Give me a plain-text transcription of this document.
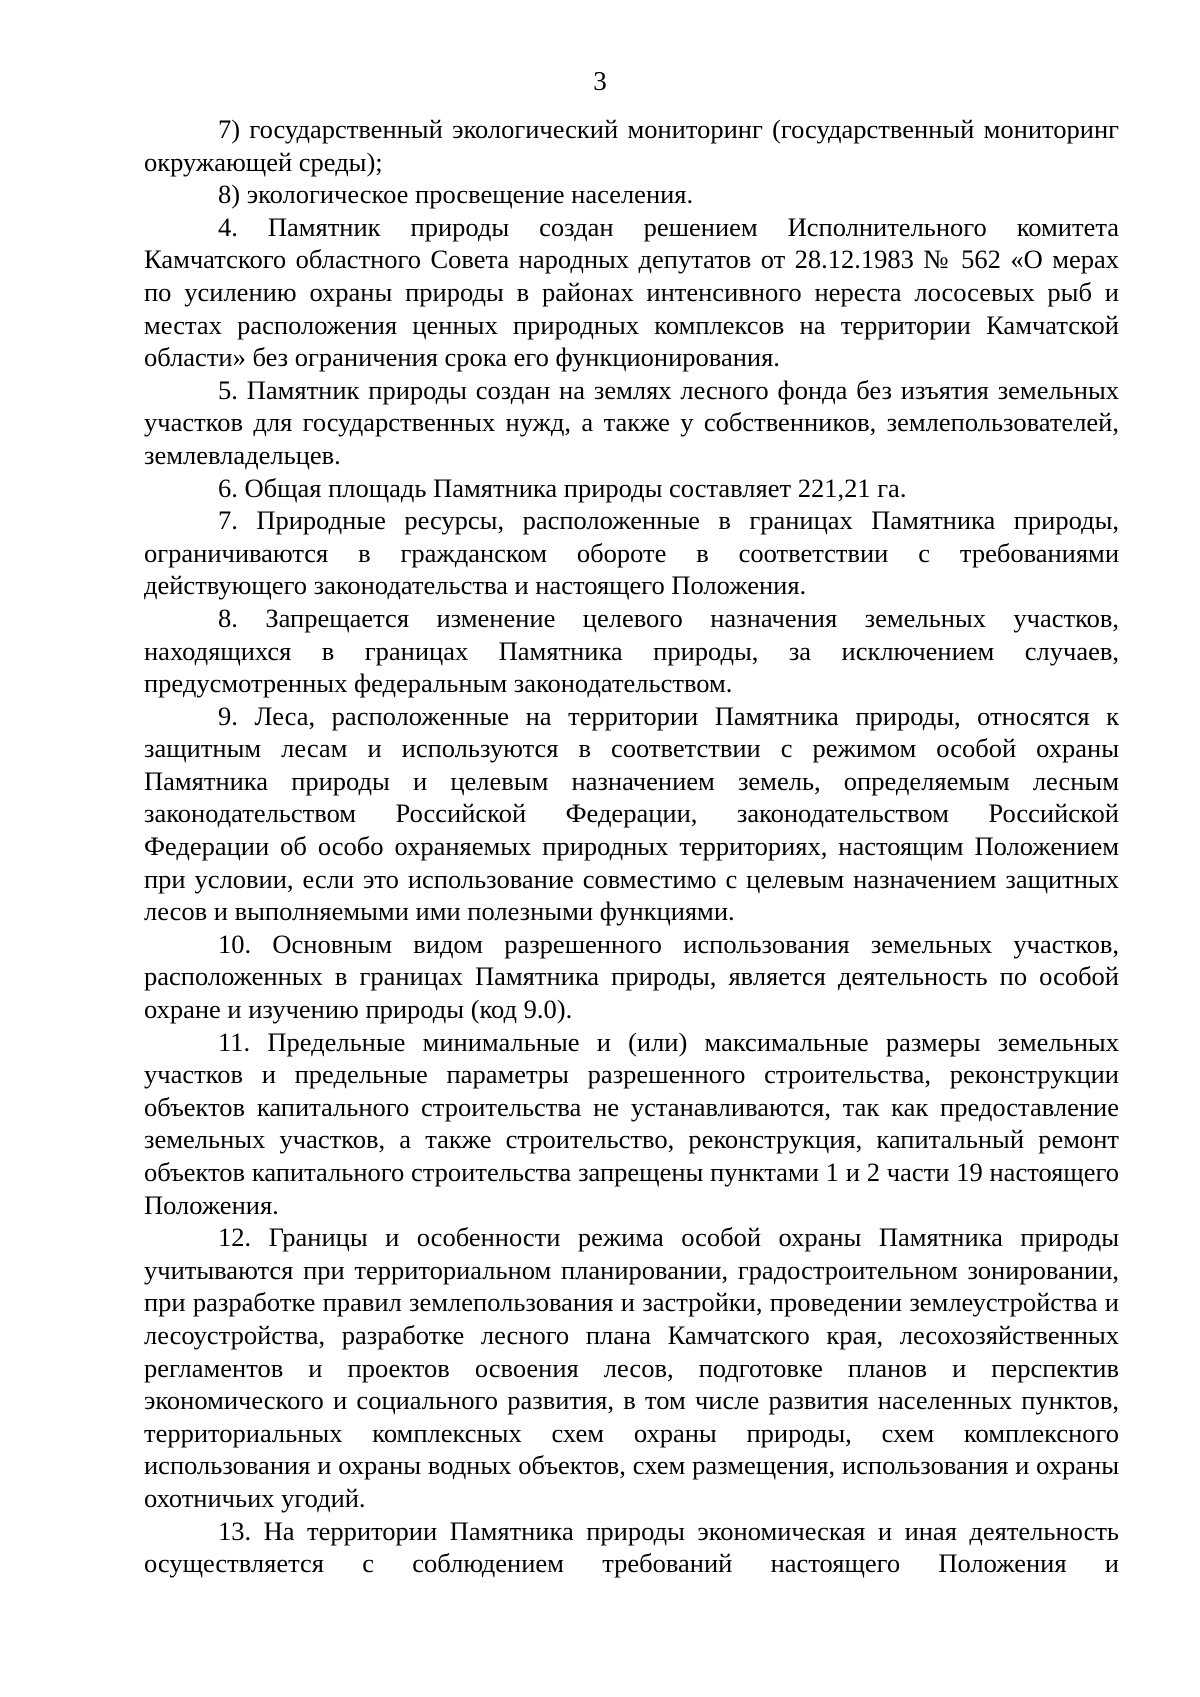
3

7) государственный экологический мониторинг (государственный мониторинг окружающей среды);

8) экологическое просвещение населения.

4. Памятник природы создан решением Исполнительного комитета Камчатского областного Совета народных депутатов от 28.12.1983 № 562 «О мерах по усилению охраны природы в районах интенсивного нереста лососевых рыб и местах расположения ценных природных комплексов на территории Камчатской области» без ограничения срока его функционирования.

5. Памятник природы создан на землях лесного фонда без изъятия земельных участков для государственных нужд, а также у собственников, землепользователей, землевладельцев.

6. Общая площадь Памятника природы составляет 221,21 га.

7. Природные ресурсы, расположенные в границах Памятника природы, ограничиваются в гражданском обороте в соответствии с требованиями действующего законодательства и настоящего Положения.

8. Запрещается изменение целевого назначения земельных участков, находящихся в границах Памятника природы, за исключением случаев, предусмотренных федеральным законодательством.

9. Леса, расположенные на территории Памятника природы, относятся к защитным лесам и используются в соответствии с режимом особой охраны Памятника природы и целевым назначением земель, определяемым лесным законодательством Российской Федерации, законодательством Российской Федерации об особо охраняемых природных территориях, настоящим Положением при условии, если это использование совместимо с целевым назначением защитных лесов и выполняемыми ими полезными функциями.

10. Основным видом разрешенного использования земельных участков, расположенных в границах Памятника природы, является деятельность по особой охране и изучению природы (код 9.0).

11. Предельные минимальные и (или) максимальные размеры земельных участков и предельные параметры разрешенного строительства, реконструкции объектов капитального строительства не устанавливаются, так как предоставление земельных участков, а также строительство, реконструкция, капитальный ремонт объектов капитального строительства запрещены пунктами 1 и 2 части 19 настоящего Положения.

12. Границы и особенности режима особой охраны Памятника природы учитываются при территориальном планировании, градостроительном зонировании, при разработке правил землепользования и застройки, проведении землеустройства и лесоустройства, разработке лесного плана Камчатского края, лесохозяйственных регламентов и проектов освоения лесов, подготовке планов и перспектив экономического и социального развития, в том числе развития населенных пунктов, территориальных комплексных схем охраны природы, схем комплексного использования и охраны водных объектов, схем размещения, использования и охраны охотничьих угодий.

13. На территории Памятника природы экономическая и иная деятельность осуществляется с соблюдением требований настоящего Положения и
